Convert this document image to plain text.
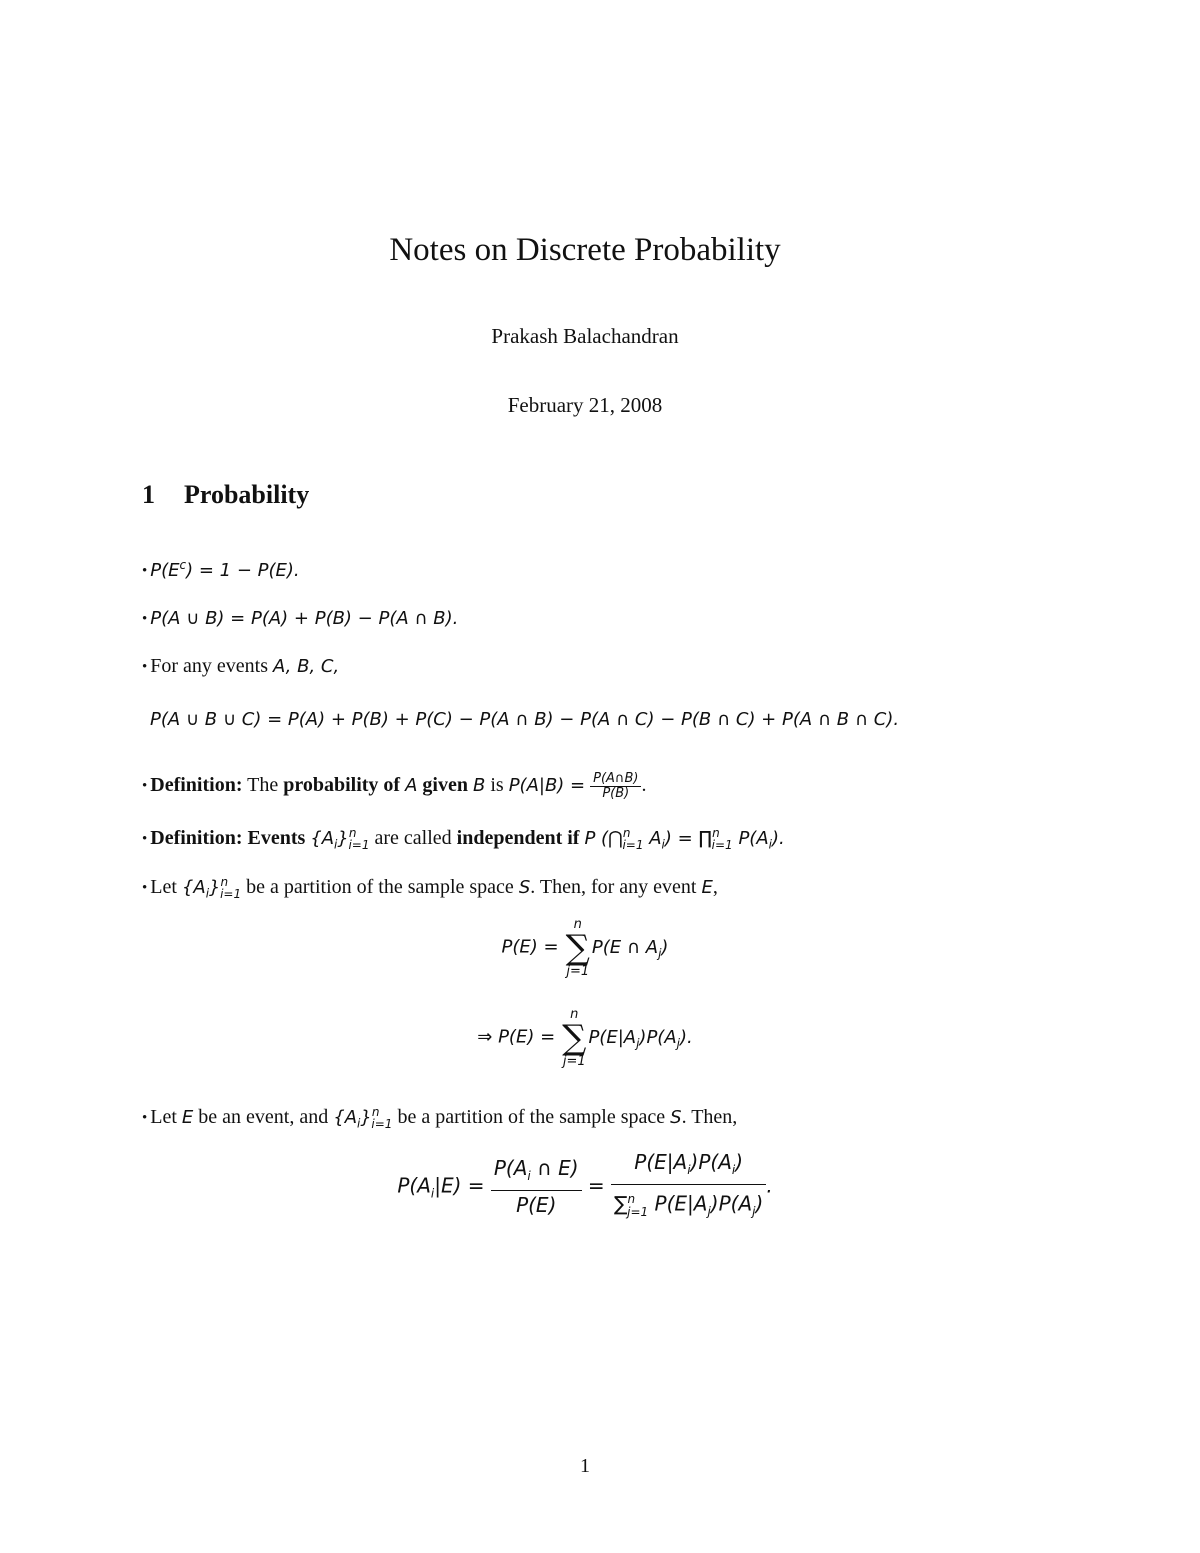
Notes on Discrete Probability
Prakash Balachandran
February 21, 2008
1 Probability
• $P(E^c) = 1 - P(E)$.
• P(A ∪ B) = P(A) + P(B) − P(A ∩ B).
• For any events A, B, C,
P(A ∪ B ∪ C) = P(A) + P(B) + P(C) − P(A ∩ B) − P(A ∩ C) − P(B ∩ C) + P(A ∩ B ∩ C).
• Definition: The probability of A given B is $P(A|B) = \frac{P(A\cap B)}{P(B)}$ .
• Definition: Events $\{A_i\}^n_{i=1}$ are called independent if P (⋂$^n_{i=1}$ $A_i$) = ∏$^n_{i=1}$ $P(A_i)$.
• Let $\{A_i\}^n_{i=1}$ be a partition of the sample space S. Then, for any event E,
P(E) =
n
∑
j=1
P(E ∩ $A_j$)
⇒ P(E) =
n
∑
j=1
$P(E|A_j)P(A_j)$.
• Let E be an event, and $\{A_i\}^n_{i=1}$ be a partition of the sample space S. Then,
$P(A_i|E) = \frac{P(A_i \cap E)}{P(E)} = \frac{P(E|A_i)P(A_i)}{\sum^n_{j=1} P(E|A_j)P(A_j)}$ .
1
